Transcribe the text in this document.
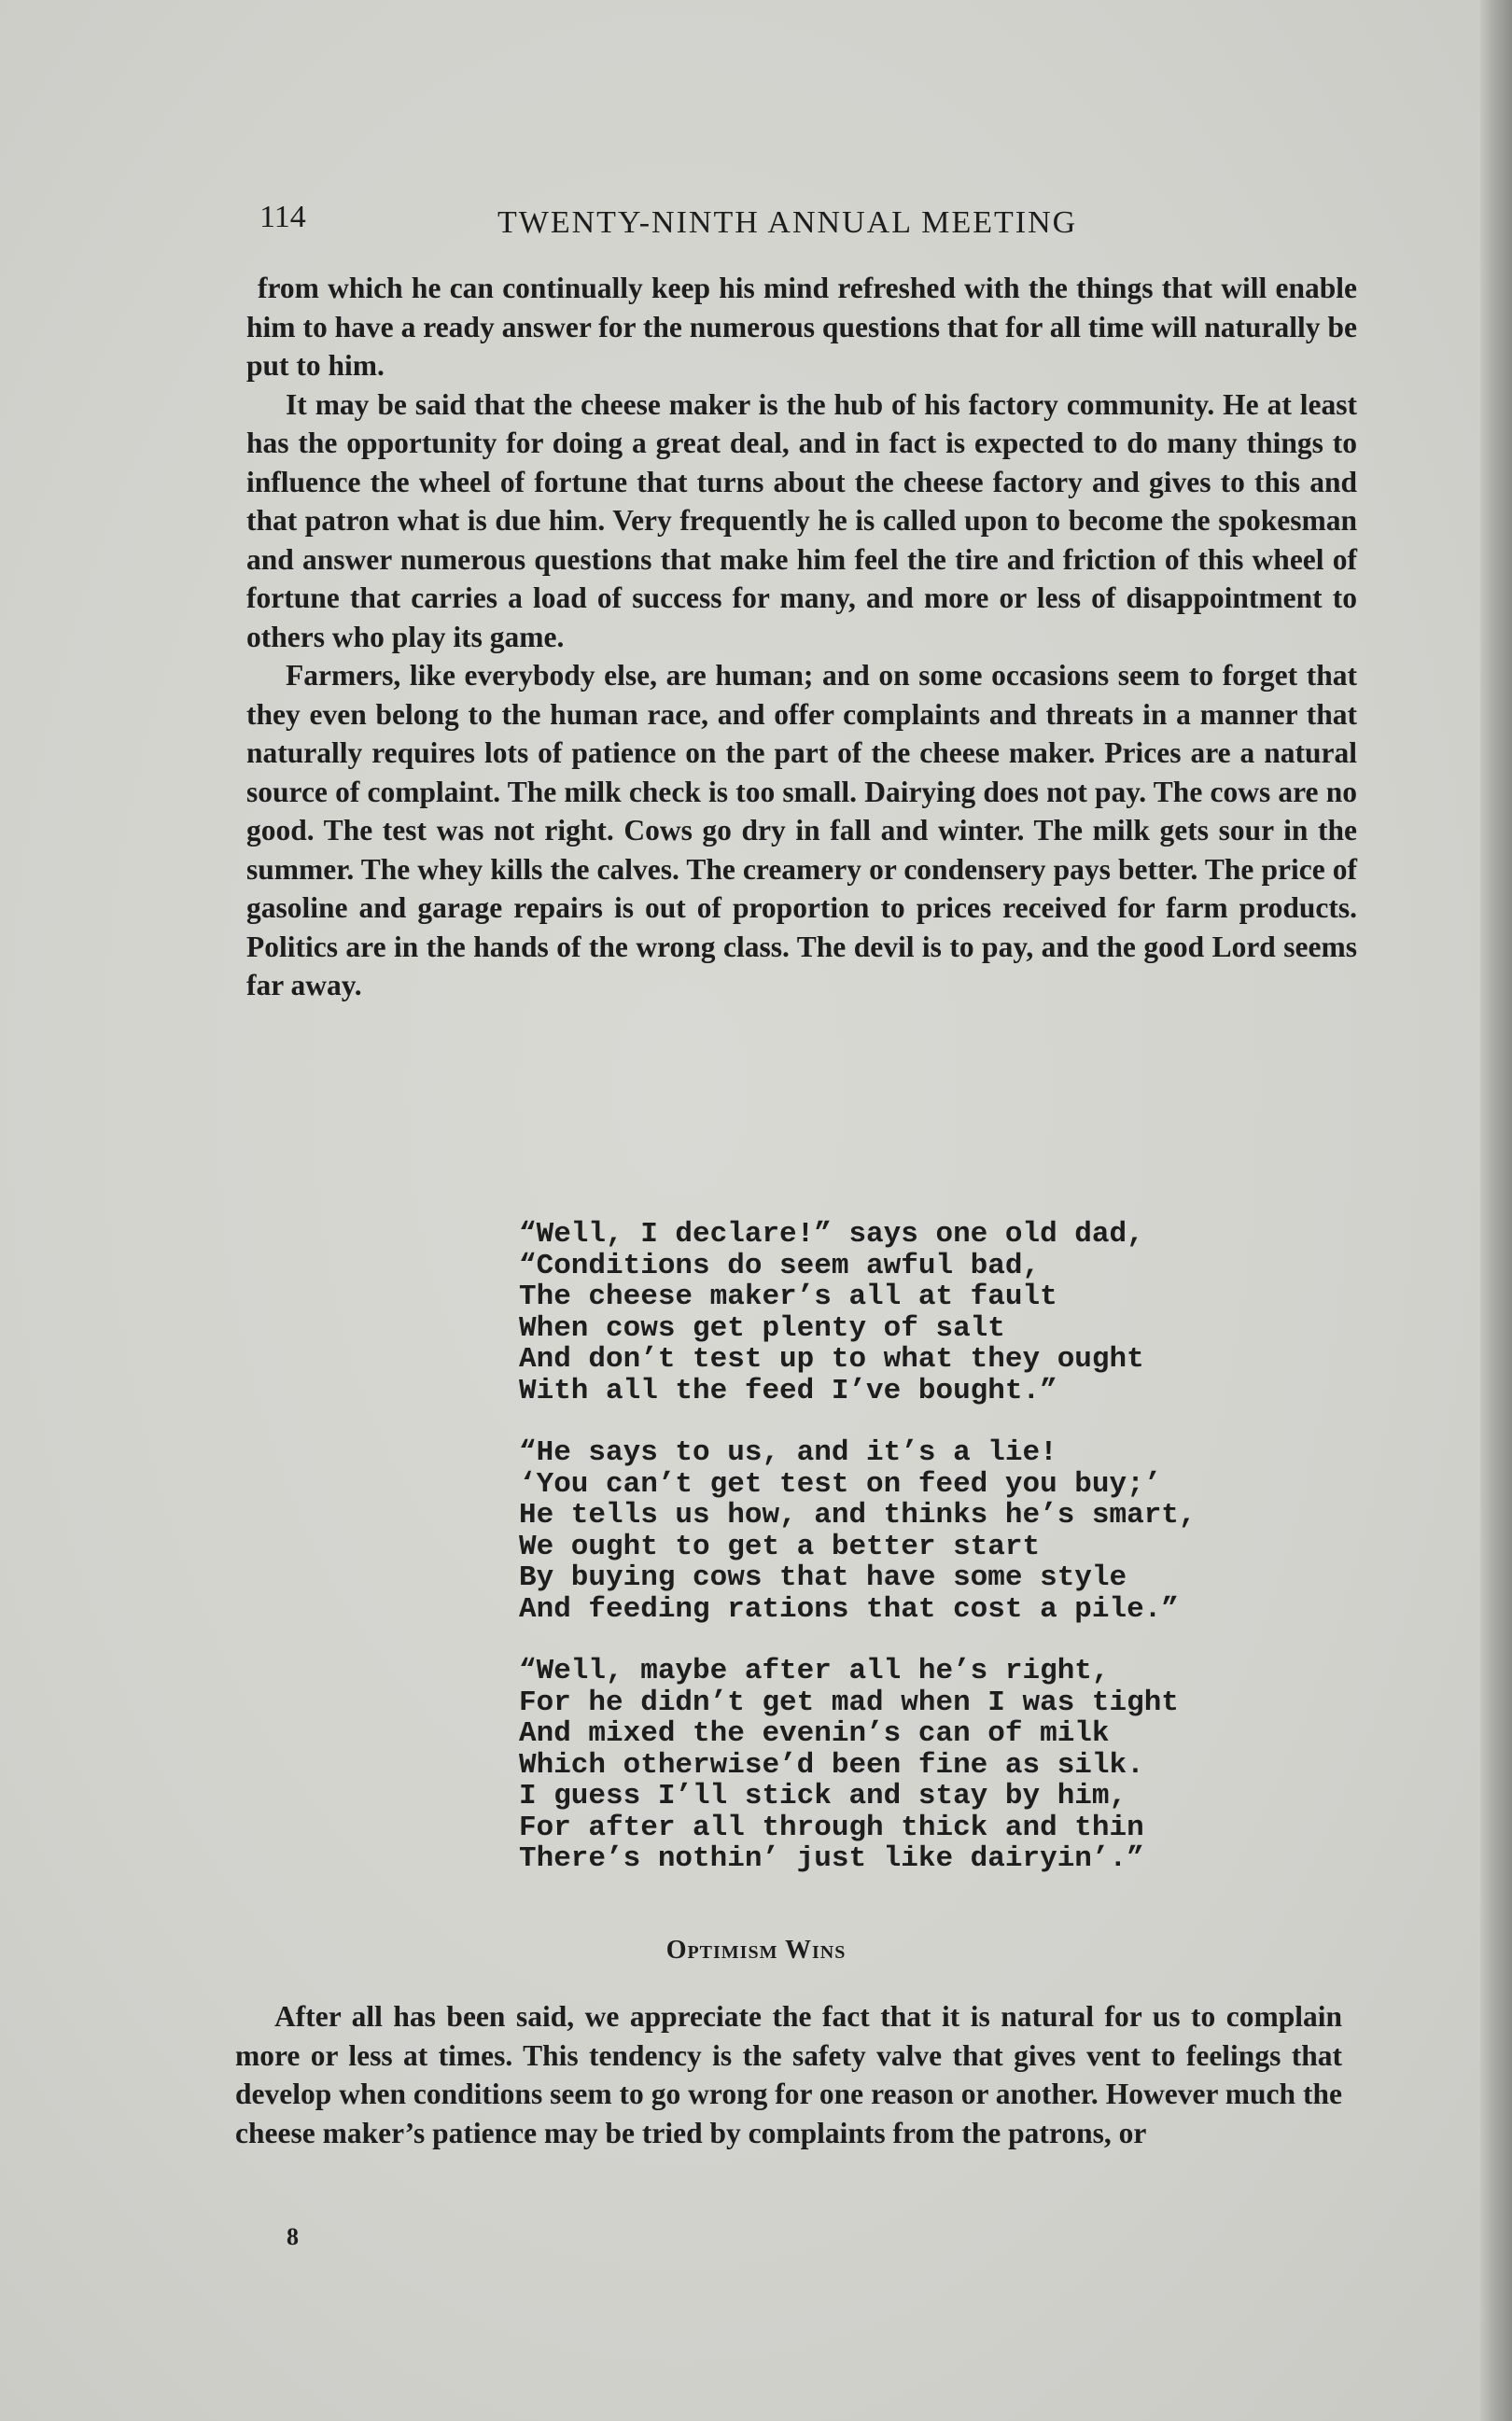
114	TWENTY-NINTH ANNUAL MEETING

from which he can continually keep his mind refreshed with the things that will enable him to have a ready answer for the numerous questions that for all time will naturally be put to him.

It may be said that the cheese maker is the hub of his factory community. He at least has the opportunity for doing a great deal, and in fact is expected to do many things to influence the wheel of fortune that turns about the cheese factory and gives to this and that patron what is due him. Very frequently he is called upon to become the spokesman and answer numerous questions that make him feel the tire and friction of this wheel of fortune that carries a load of success for many, and more or less of disappointment to others who play its game.

Farmers, like everybody else, are human; and on some occasions seem to forget that they even belong to the human race, and offer complaints and threats in a manner that naturally requires lots of patience on the part of the cheese maker. Prices are a natural source of complaint. The milk check is too small. Dairying does not pay. The cows are no good. The test was not right. Cows go dry in fall and winter. The milk gets sour in the summer. The whey kills the calves. The creamery or condensery pays better. The price of gasoline and garage repairs is out of proportion to prices received for farm products. Politics are in the hands of the wrong class. The devil is to pay, and the good Lord seems far away.

“Well, I declare!” says one old dad,
“Conditions do seem awful bad,
The cheese maker’s all at fault
When cows get plenty of salt
And don’t test up to what they ought
With all the feed I’ve bought.”
“He says to us, and it’s a lie!
‘You can’t get test on feed you buy;’
He tells us how, and thinks he’s smart,
We ought to get a better start
By buying cows that have some style
And feeding rations that cost a pile.”
“Well, maybe after all he’s right,
For he didn’t get mad when I was tight
And mixed the evenin’s can of milk
Which otherwise’d been fine as silk.
I guess I’ll stick and stay by him,
For after all through thick and thin
There’s nothin’ just like dairyin’.”
Optimism Wins

After all has been said, we appreciate the fact that it is natural for us to complain more or less at times. This tendency is the safety valve that gives vent to feelings that develop when conditions seem to go wrong for one reason or another. However much the cheese maker’s patience may be tried by complaints from the patrons, or

8
